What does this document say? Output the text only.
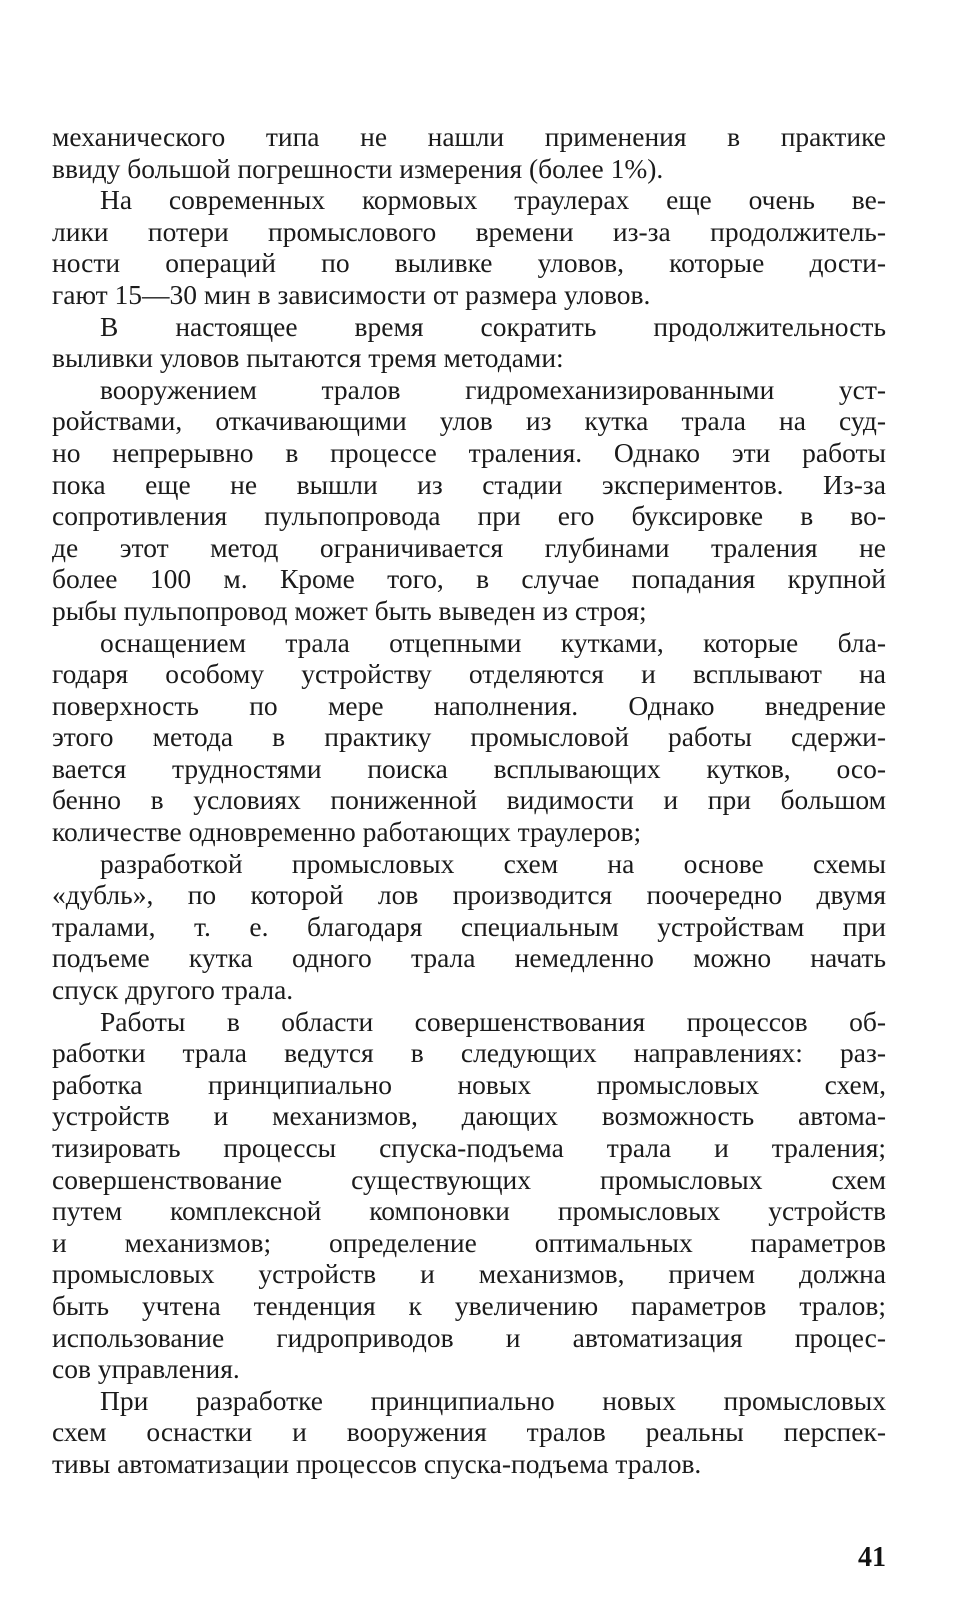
механического типа не нашли применения в практике
ввиду большой погрешности измерения (более 1%).
На современных кормовых траулерах еще очень ве-
лики потери промыслового времени из-за продолжитель-
ности операций по выливке уловов, которые дости-
гают 15—30 мин в зависимости от размера уловов.
В настоящее время сократить продолжительность
выливки уловов пытаются тремя методами:
вооружением тралов гидромеханизированными уст-
ройствами, откачивающими улов из кутка трала на суд-
но непрерывно в процессе траления. Однако эти работы
пока еще не вышли из стадии экспериментов. Из-за
сопротивления пульпопровода при его буксировке в во-
де этот метод ограничивается глубинами траления не
более 100 м. Кроме того, в случае попадания крупной
рыбы пульпопровод может быть выведен из строя;
оснащением трала отцепными кутками, которые бла-
годаря особому устройству отделяются и всплывают на
поверхность по мере наполнения. Однако внедрение
этого метода в практику промысловой работы сдержи-
вается трудностями поиска всплывающих кутков, осо-
бенно в условиях пониженной видимости и при большом
количестве одновременно работающих траулеров;
разработкой промысловых схем на основе схемы
«дубль», по которой лов производится поочередно двумя
тралами, т. е. благодаря специальным устройствам при
подъеме кутка одного трала немедленно можно начать
спуск другого трала.
Работы в области совершенствования процессов об-
работки трала ведутся в следующих направлениях: раз-
работка принципиально новых промысловых схем,
устройств и механизмов, дающих возможность автома-
тизировать процессы спуска-подъема трала и траления;
совершенствование существующих промысловых схем
путем комплексной компоновки промысловых устройств
и механизмов; определение оптимальных параметров
промысловых устройств и механизмов, причем должна
быть учтена тенденция к увеличению параметров тралов;
использование гидроприводов и автоматизация процес-
сов управления.
При разработке принципиально новых промысловых
схем оснастки и вооружения тралов реальны перспек-
тивы автоматизации процессов спуска-подъема тралов.
41
